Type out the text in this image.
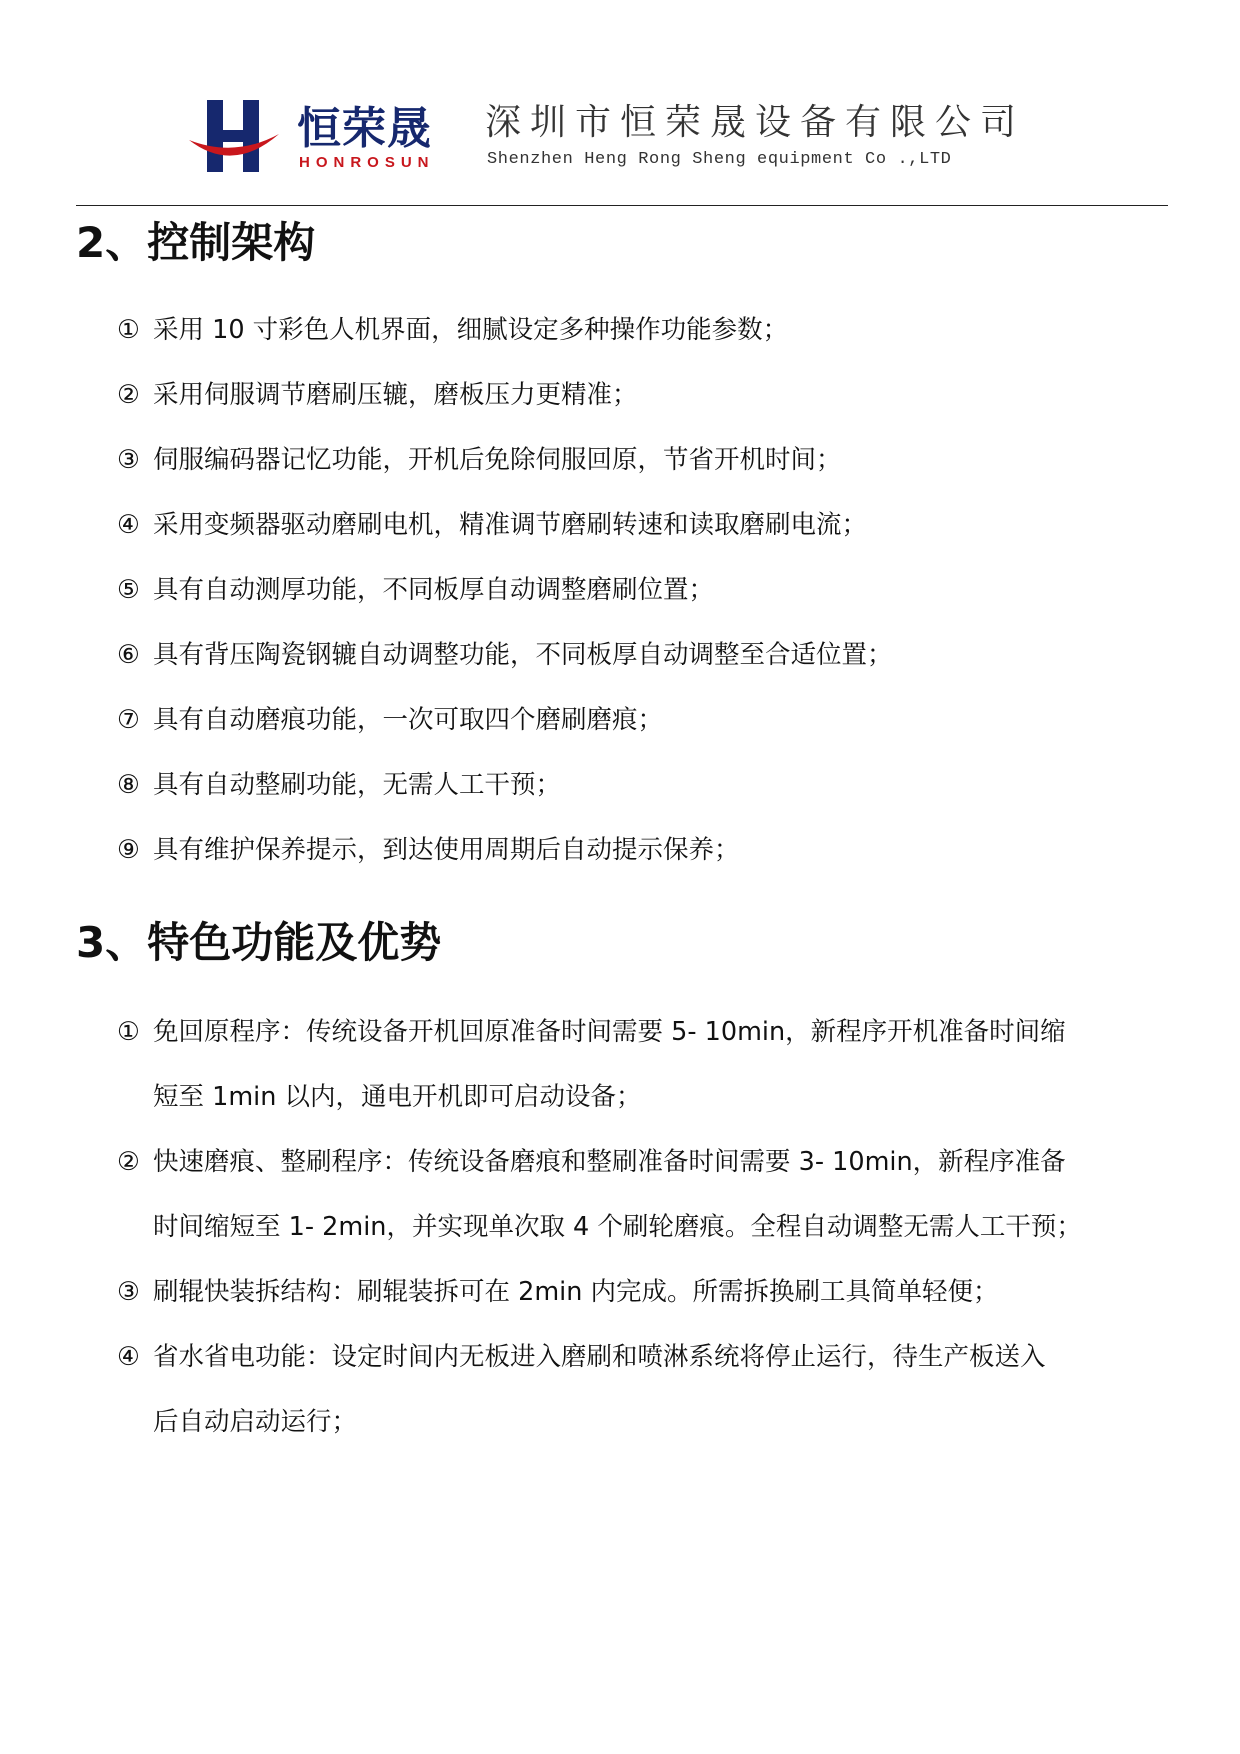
恒荣晟
HONROSUN
深圳市恒荣晟设备有限公司
Shenzhen Heng Rong Sheng equipment Co .,LTD
2、控制架构
① 采用 10 寸彩色人机界面，细腻设定多种操作功能参数；
② 采用伺服调节磨刷压辘，磨板压力更精准；
③ 伺服编码器记忆功能，开机后免除伺服回原，节省开机时间；
④ 采用变频器驱动磨刷电机，精准调节磨刷转速和读取磨刷电流；
⑤ 具有自动测厚功能，不同板厚自动调整磨刷位置；
⑥ 具有背压陶瓷钢辘自动调整功能，不同板厚自动调整至合适位置；
⑦ 具有自动磨痕功能，一次可取四个磨刷磨痕；
⑧ 具有自动整刷功能，无需人工干预；
⑨ 具有维护保养提示，到达使用周期后自动提示保养；
3、特色功能及优势
① 免回原程序：传统设备开机回原准备时间需要 5- 10min，新程序开机准备时间缩
短至 1min 以内，通电开机即可启动设备；
② 快速磨痕、整刷程序：传统设备磨痕和整刷准备时间需要 3- 10min，新程序准备
时间缩短至 1- 2min，并实现单次取 4 个刷轮磨痕。全程自动调整无需人工干预；
③ 刷辊快装拆结构：刷辊装拆可在 2min 内完成。所需拆换刷工具简单轻便；
④ 省水省电功能：设定时间内无板进入磨刷和喷淋系统将停止运行，待生产板送入
后自动启动运行；
